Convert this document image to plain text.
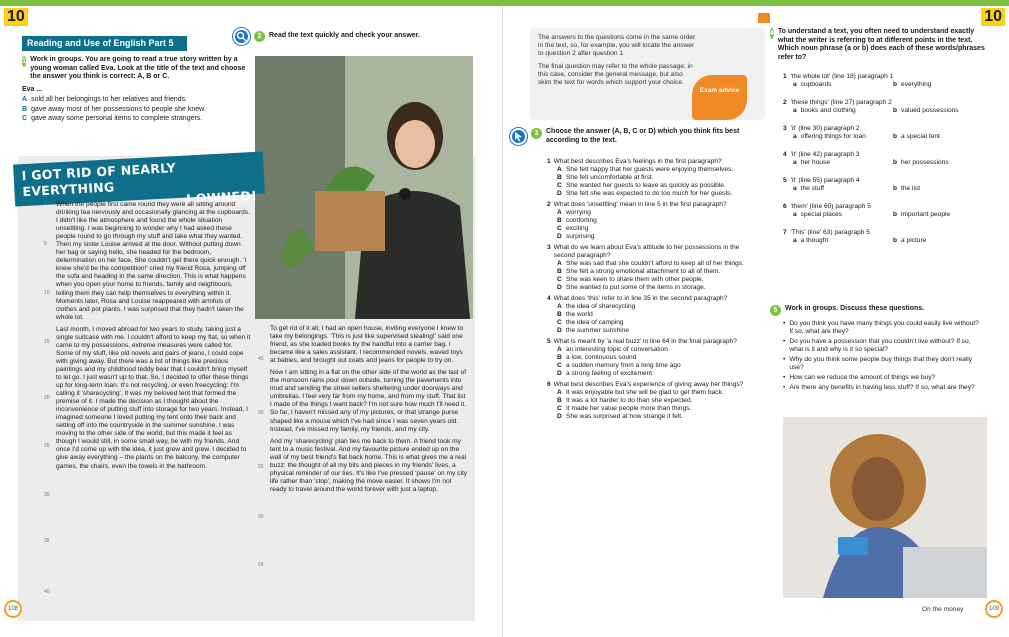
10
Reading and Use of English Part 5
1 Work in groups. You are going to read a true story written by a young woman called Eva. Look at the title of the text and choose the answer you think is correct: A, B or C.
Eva ...
A sold all her belongings to her relatives and friends.
B gave away most of her possessions to people she knew.
C gave away some personal items to complete strangers.
2	Read the text quickly and check your answer.
I GOT RID OF NEARLY EVERYTHING	I OWNED!

When the people first came round they were all sitting around drinking tea nervously and occasionally glancing at the cupboards. I didn't like the atmosphere and found the whole situation unsettling. I was beginning to wonder why I had asked these people round to go through my stuff and take what they wanted. Then my sister Louise arrived at the door. Without putting down her bag or saying hello, she headed for the bedroom, determination on her face. She couldn't get there quick enough. 'I knew she'd be the competition!' cried my friend Rosa, jumping off the sofa and heading in the same direction. This is what happens when you open your home to friends, family and neighbours, telling them they can help themselves to everything within it. Moments later, Rosa and Louise reappeared with armfuls of clothes and pot plants. I was surprised that they hadn't taken the whole lot.

Last month, I moved abroad for two years to study, taking just a single suitcase with me. I couldn't afford to keep my flat, so when it came to my possessions, extreme measures were called for. Some of my stuff, like old novels and pairs of jeans, I could cope with giving away. But there was a list of things like precious paintings and my childhood teddy bear that I couldn't bring myself to let go. I just wasn't up to that. So, I decided to offer these things up for long-term loan. It's not recycling, or even freecycling: I'm calling it 'sharecycling'. It was my beloved tent that formed the premise of it. I made the decision as I thought about the inconvenience of putting stuff into storage for two years. Instead, I imagined someone I loved putting my tent onto their back and setting off into the countryside in the summer sunshine. I was moving to the other side of the world, but this made it feel as though I would still, in some small way, be with my friends. And once I'd come up with the idea, it just grew and grew. I decided to give away everything – the plants on the balcony, the computer games, the chairs, even the towels in the bathroom.

To get rid of it all, I had an open house, inviting everyone I knew to take my belongings. 'This is just like supervised stealing!' said one friend, as she loaded books by the handful into a carrier bag. I became like a sales assistant. I recommended novels, waved toys at babies, and brought out coats and jeans for people to try on.

Now I am sitting in a flat on the other side of the world as the last of the monsoon rains pour down outside, turning the pavements into mud and sending the street sellers sheltering under doorways and umbrellas. I feel very far from my home, and from my stuff. That list I made of the things I want back? I'm not sure how much I'll need it. So far, I haven't missed any of my pictures, or that strange purse shaped like a mouse which I've had since I was seven years old. Instead, I've missed my family, my friends, and my city.

And my 'sharecycling' plan ties me back to them. A friend took my tent to a music festival. And my favourite picture ended up on the wall of my best friend's flat back home. This is what gives me a real buzz: the thought of all my bits and pieces in my friends' lives, a physical reminder of our ties. It's like I've pressed 'pause' on my city life rather than 'stop', making the move easier. It shows I'm not ready to travel around the world forever with just a laptop.

1
5
10
15
20
25
30
35
40
45
50
55
60
65
108
10
The answers to the questions come in the same order in the text, so, for example, you will locate the answer to question 2 after question 1.
The final question may refer to the whole passage: in this case, consider the general message, but also skim the text for words which support your choice.
Exam advice
3	Choose the answer (A, B, C or D) which you think fits best according to the text.
1 What best describes Eva's feelings in the first paragraph?
A She felt happy that her guests were enjoying themselves.
B She felt uncomfortable at first.
C She wanted her guests to leave as quickly as possible.
D She felt she was expected to do too much for her guests.
2 What does 'unsettling' mean in line 5 in the first paragraph?
A worrying
B comforting
C exciting
D surprising
3 What do we learn about Eva's attitude to her possessions in the second paragraph?
A She was sad that she couldn't afford to keep all of her things.
B She felt a strong emotional attachment to all of them.
C She was keen to share them with other people.
D She wanted to put some of the items in storage.
4 What does 'this' refer to in line 35 in the second paragraph?
A the idea of sharecycling
B the world
C the idea of camping
D the summer sunshine
5 What is meant by 'a real buzz' in line 64 in the final paragraph?
A an interesting topic of conversation
B a low, continuous sound
C a sudden memory from a long time ago
D a strong feeling of excitement
6 What best describes Eva's experience of giving away her things?
A It was enjoyable but she will be glad to get them back.
B It was a lot harder to do than she expected.
C It made her value people more than things.
D She was surprised at how strange it felt.
4 To understand a text, you often need to understand exactly what the writer is referring to at different points in the text. Which noun phrase (a or b) does each of these words/phrases refer to?
1 'the whole lot' (line 18) paragraph 1
a cupboards	b everything
2 'these things' (line 27) paragraph 2
a books and clothing	b valued possessions
3 'it' (line 30) paragraph 2
a offering things for loan	b a special tent
4 'it' (line 42) paragraph 3
a her house	b her possessions
5 'it' (line 55) paragraph 4
a the stuff	b the list
6 'them' (line 60) paragraph 5
a special places	b important people
7 'This' (line' 63) paragraph 5
a a thought	b a picture
5	Work in groups. Discuss these questions.
• Do you think you have many things you could easily live without? If so, what are they?
• Do you have a possession that you couldn't live without? If so, what is it and why is it so special?
• Why do you think some people buy things that they don't really use?
• How can we reduce the amount of things we buy?
• Are there any benefits in having less stuff? If so, what are they?
On the money	109
